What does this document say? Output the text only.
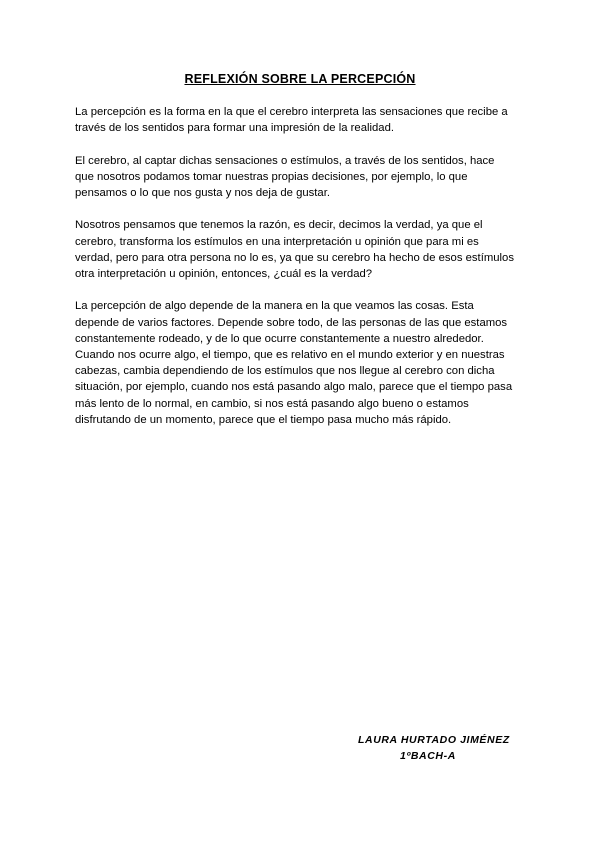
REFLEXIÓN SOBRE LA PERCEPCIÓN

La percepción es la forma en la que el cerebro interpreta las sensaciones que recibe a
través de los sentidos para formar una impresión de la realidad.

El cerebro, al captar dichas sensaciones o estímulos, a través de los sentidos, hace
que nosotros podamos tomar nuestras propias decisiones, por ejemplo, lo que
pensamos o lo que nos gusta y nos deja de gustar.

Nosotros pensamos que tenemos la razón, es decir, decimos la verdad, ya que el
cerebro, transforma los estímulos en una interpretación u opinión que para mi es
verdad, pero para otra persona no lo es, ya que su cerebro ha hecho de esos estímulos
otra interpretación u opinión, entonces, ¿cuál es la verdad?

La percepción de algo depende de la manera en la que veamos las cosas. Esta
depende de varios factores. Depende sobre todo, de las personas de las que estamos
constantemente rodeado, y de lo que ocurre constantemente a nuestro alrededor.
Cuando nos ocurre algo, el tiempo, que es relativo en el mundo exterior y en nuestras
cabezas, cambia dependiendo de los estímulos que nos llegue al cerebro con dicha
situación, por ejemplo, cuando nos está pasando algo malo, parece que el tiempo pasa
más lento de lo normal, en cambio, si nos está pasando algo bueno o estamos
disfrutando de un momento, parece que el tiempo pasa mucho más rápido.

LAURA HURTADO JIMÉNEZ
1ºBACH-A
